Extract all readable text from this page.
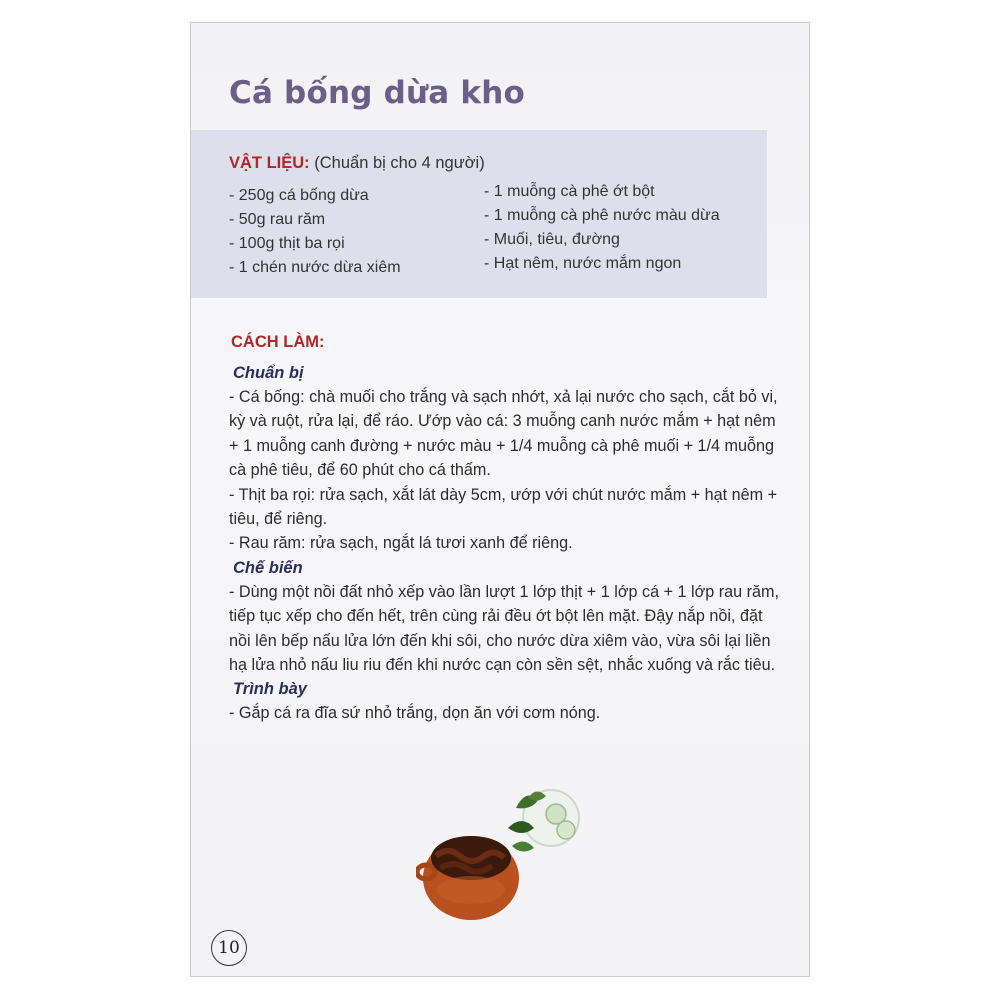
Cá bống dừa kho
VẬT LIỆU: (Chuẩn bị cho 4 người)
- 250g cá bống dừa
- 50g rau răm
- 100g thịt ba rọi
- 1 chén nước dừa xiêm
- 1 muỗng cà phê ớt bột
- 1 muỗng cà phê nước màu dừa
- Muối, tiêu, đường
- Hạt nêm, nước mắm ngon
CÁCH LÀM:
Chuẩn bị

- Cá bống: chà muối cho trắng và sạch nhớt, xả lại nước cho sạch, cắt bỏ vi, kỳ và ruột, rửa lại, để ráo. Ướp vào cá: 3 muỗng canh nước mắm + hạt nêm + 1 muỗng canh đường + nước màu + 1/4 muỗng cà phê muối + 1/4 muỗng cà phê tiêu, để 60 phút cho cá thấm.

- Thịt ba rọi: rửa sạch, xắt lát dày 5cm, ướp với chút nước mắm + hạt nêm + tiêu, để riêng.

- Rau răm: rửa sạch, ngắt lá tươi xanh để riêng.

Chế biến

- Dùng một nồi đất nhỏ xếp vào lần lượt 1 lớp thịt + 1 lớp cá + 1 lớp rau răm, tiếp tục xếp cho đến hết, trên cùng rải đều ớt bột lên mặt. Đậy nắp nồi, đặt nồi lên bếp nấu lửa lớn đến khi sôi, cho nước dừa xiêm vào, vừa sôi lại liền hạ lửa nhỏ nấu liu riu đến khi nước cạn còn sền sệt, nhắc xuống và rắc tiêu.

Trình bày

- Gắp cá ra đĩa sứ nhỏ trắng, dọn ăn với cơm nóng.

10
